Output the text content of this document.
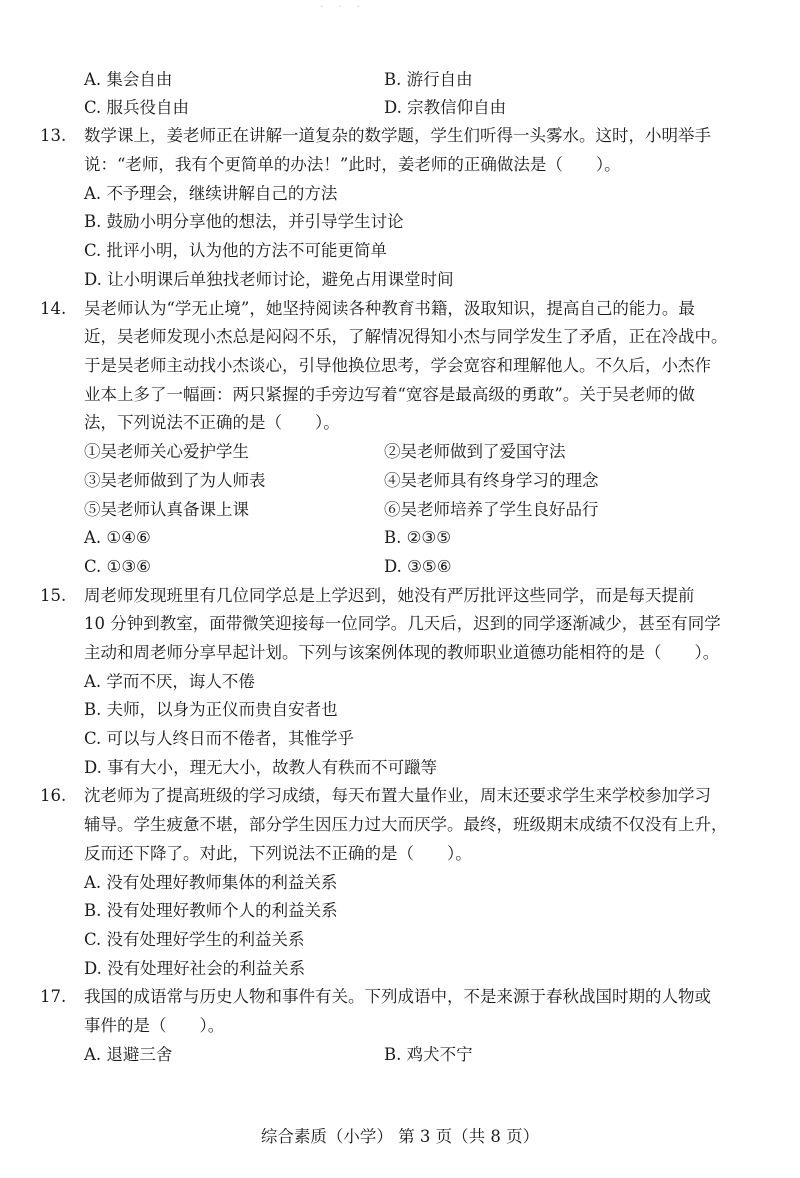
· · ·
A. 集会自由	B. 游行自由
C. 服兵役自由	D. 宗教信仰自由
13. 数学课上，姜老师正在讲解一道复杂的数学题，学生们听得一头雾水。这时，小明举手
说：“老师，我有个更简单的办法！”此时，姜老师的正确做法是（　　）。
A. 不予理会，继续讲解自己的方法
B. 鼓励小明分享他的想法，并引导学生讨论
C. 批评小明，认为他的方法不可能更简单
D. 让小明课后单独找老师讨论，避免占用课堂时间
14. 吴老师认为“学无止境”，她坚持阅读各种教育书籍，汲取知识，提高自己的能力。最
近，吴老师发现小杰总是闷闷不乐，了解情况得知小杰与同学发生了矛盾，正在冷战中。
于是吴老师主动找小杰谈心，引导他换位思考，学会宽容和理解他人。不久后，小杰作
业本上多了一幅画：两只紧握的手旁边写着“宽容是最高级的勇敢”。关于吴老师的做
法，下列说法不正确的是（　　）。
①吴老师关心爱护学生	②吴老师做到了爱国守法
③吴老师做到了为人师表	④吴老师具有终身学习的理念
⑤吴老师认真备课上课	⑥吴老师培养了学生良好品行
A. ①④⑥	B. ②③⑤
C. ①③⑥	D. ③⑤⑥
15. 周老师发现班里有几位同学总是上学迟到，她没有严厉批评这些同学，而是每天提前
10 分钟到教室，面带微笑迎接每一位同学。几天后，迟到的同学逐渐减少，甚至有同学
主动和周老师分享早起计划。下列与该案例体现的教师职业道德功能相符的是（　　）。
A. 学而不厌，诲人不倦
B. 夫师，以身为正仪而贵自安者也
C. 可以与人终日而不倦者，其惟学乎
D. 事有大小，理无大小，故教人有秩而不可躐等
16. 沈老师为了提高班级的学习成绩，每天布置大量作业，周末还要求学生来学校参加学习
辅导。学生疲惫不堪，部分学生因压力过大而厌学。最终，班级期末成绩不仅没有上升，
反而还下降了。对此，下列说法不正确的是（　　）。
A. 没有处理好教师集体的利益关系
B. 没有处理好教师个人的利益关系
C. 没有处理好学生的利益关系
D. 没有处理好社会的利益关系
17. 我国的成语常与历史人物和事件有关。下列成语中，不是来源于春秋战国时期的人物或
事件的是（　　）。
A. 退避三舍	B. 鸡犬不宁
综合素质（小学） 第 3 页（共 8 页）
